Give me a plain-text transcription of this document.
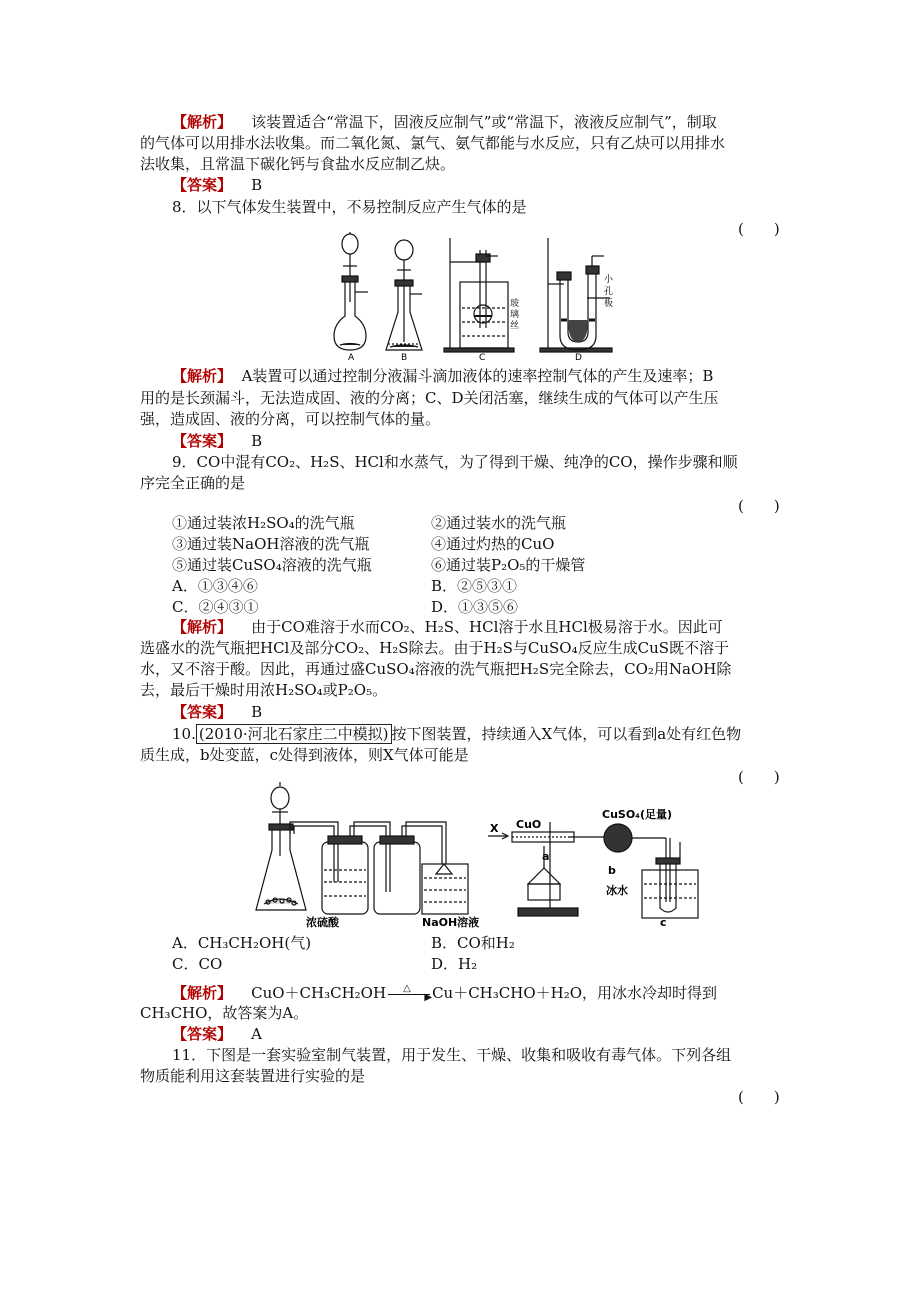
【解析】 该装置适合“常温下，固液反应制气”或“常温下，液液反应制气”，制取
的气体可以用排水法收集。而二氧化氮、氯气、氨气都能与水反应，只有乙炔可以用排水
法收集，且常温下碳化钙与食盐水反应制乙炔。
【答案】 B
8．以下气体发生装置中，不易控制反应产生气体的是
(　　)
A	B	C	D
玻
璃
丝
小
孔
板
【解析】 A装置可以通过控制分液漏斗滴加液体的速率控制气体的产生及速率；B
用的是长颈漏斗，无法造成固、液的分离；C、D关闭活塞，继续生成的气体可以产生压
强，造成固、液的分离，可以控制气体的量。
【答案】 B
9．CO中混有CO₂、H₂S、HCl和水蒸气，为了得到干燥、纯净的CO，操作步骤和顺
序完全正确的是
(　　)
①通过装浓H₂SO₄的洗气瓶	②通过装水的洗气瓶
③通过装NaOH溶液的洗气瓶	④通过灼热的CuO
⑤通过装CuSO₄溶液的洗气瓶	⑥通过装P₂O₅的干燥管
A．①③④⑥	B．②⑤③①
C．②④③①	D．①③⑤⑥
【解析】 由于CO难溶于水而CO₂、H₂S、HCl溶于水且HCl极易溶于水。因此可
选盛水的洗气瓶把HCl及部分CO₂、H₂S除去。由于H₂S与CuSO₄反应生成CuS既不溶于
水，又不溶于酸。因此，再通过盛CuSO₄溶液的洗气瓶把H₂S完全除去，CO₂用NaOH除
去，最后干燥时用浓H₂SO₄或P₂O₅。
【答案】 B
10. (2010·河北石家庄二中模拟) 按下图装置，持续通入X气体，可以看到a处有红色物
质生成，b处变蓝，c处得到液体，则X气体可能是
(　　)
浓硫酸	NaOH溶液
X CuO
CuSO₄(足量)
a
b
c
冰水
A．CH₃CH₂OH(气)	B．CO和H₂
C．CO	D．H₂
【解析】 CuO＋CH₃CH₂OH △
▶ Cu＋CH₃CHO＋H₂O，用冰水冷却时得到
CH₃CHO，故答案为A。
【答案】 A
11．下图是一套实验室制气装置，用于发生、干燥、收集和吸收有毒气体。下列各组
物质能利用这套装置进行实验的是
(　　)
